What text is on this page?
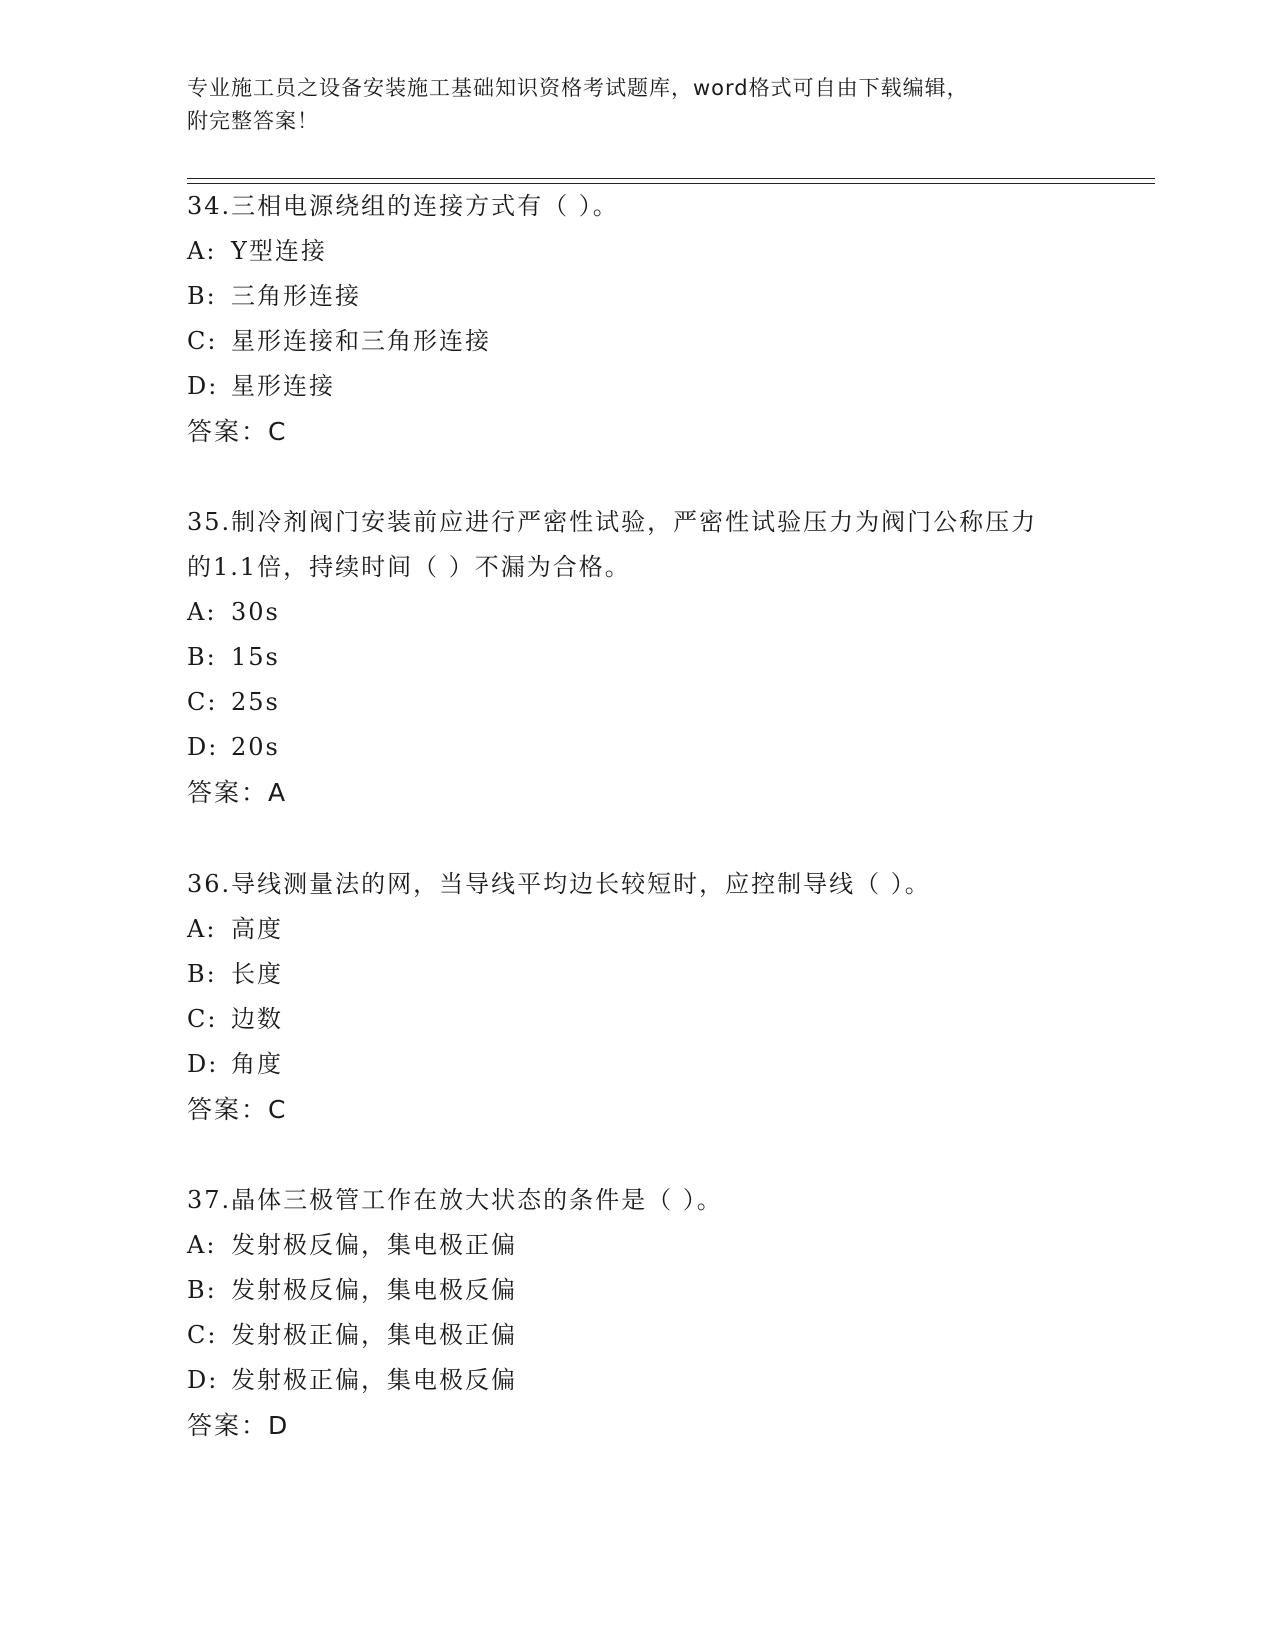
专业施工员之设备安装施工基础知识资格考试题库，word格式可自由下载编辑，
附完整答案！
34.三相电源绕组的连接方式有（ ）。
A: Y型连接
B: 三角形连接
C: 星形连接和三角形连接
D: 星形连接
答案：C
35.制冷剂阀门安装前应进行严密性试验，严密性试验压力为阀门公称压力的1.1倍，持续时间（ ）不漏为合格。
A: 30s
B: 15s
C: 25s
D: 20s
答案：A
36.导线测量法的网，当导线平均边长较短时，应控制导线（ ）。
A: 高度
B: 长度
C: 边数
D: 角度
答案：C
37.晶体三极管工作在放大状态的条件是（ ）。
A: 发射极反偏，集电极正偏
B: 发射极反偏，集电极反偏
C: 发射极正偏，集电极正偏
D: 发射极正偏，集电极反偏
答案：D
